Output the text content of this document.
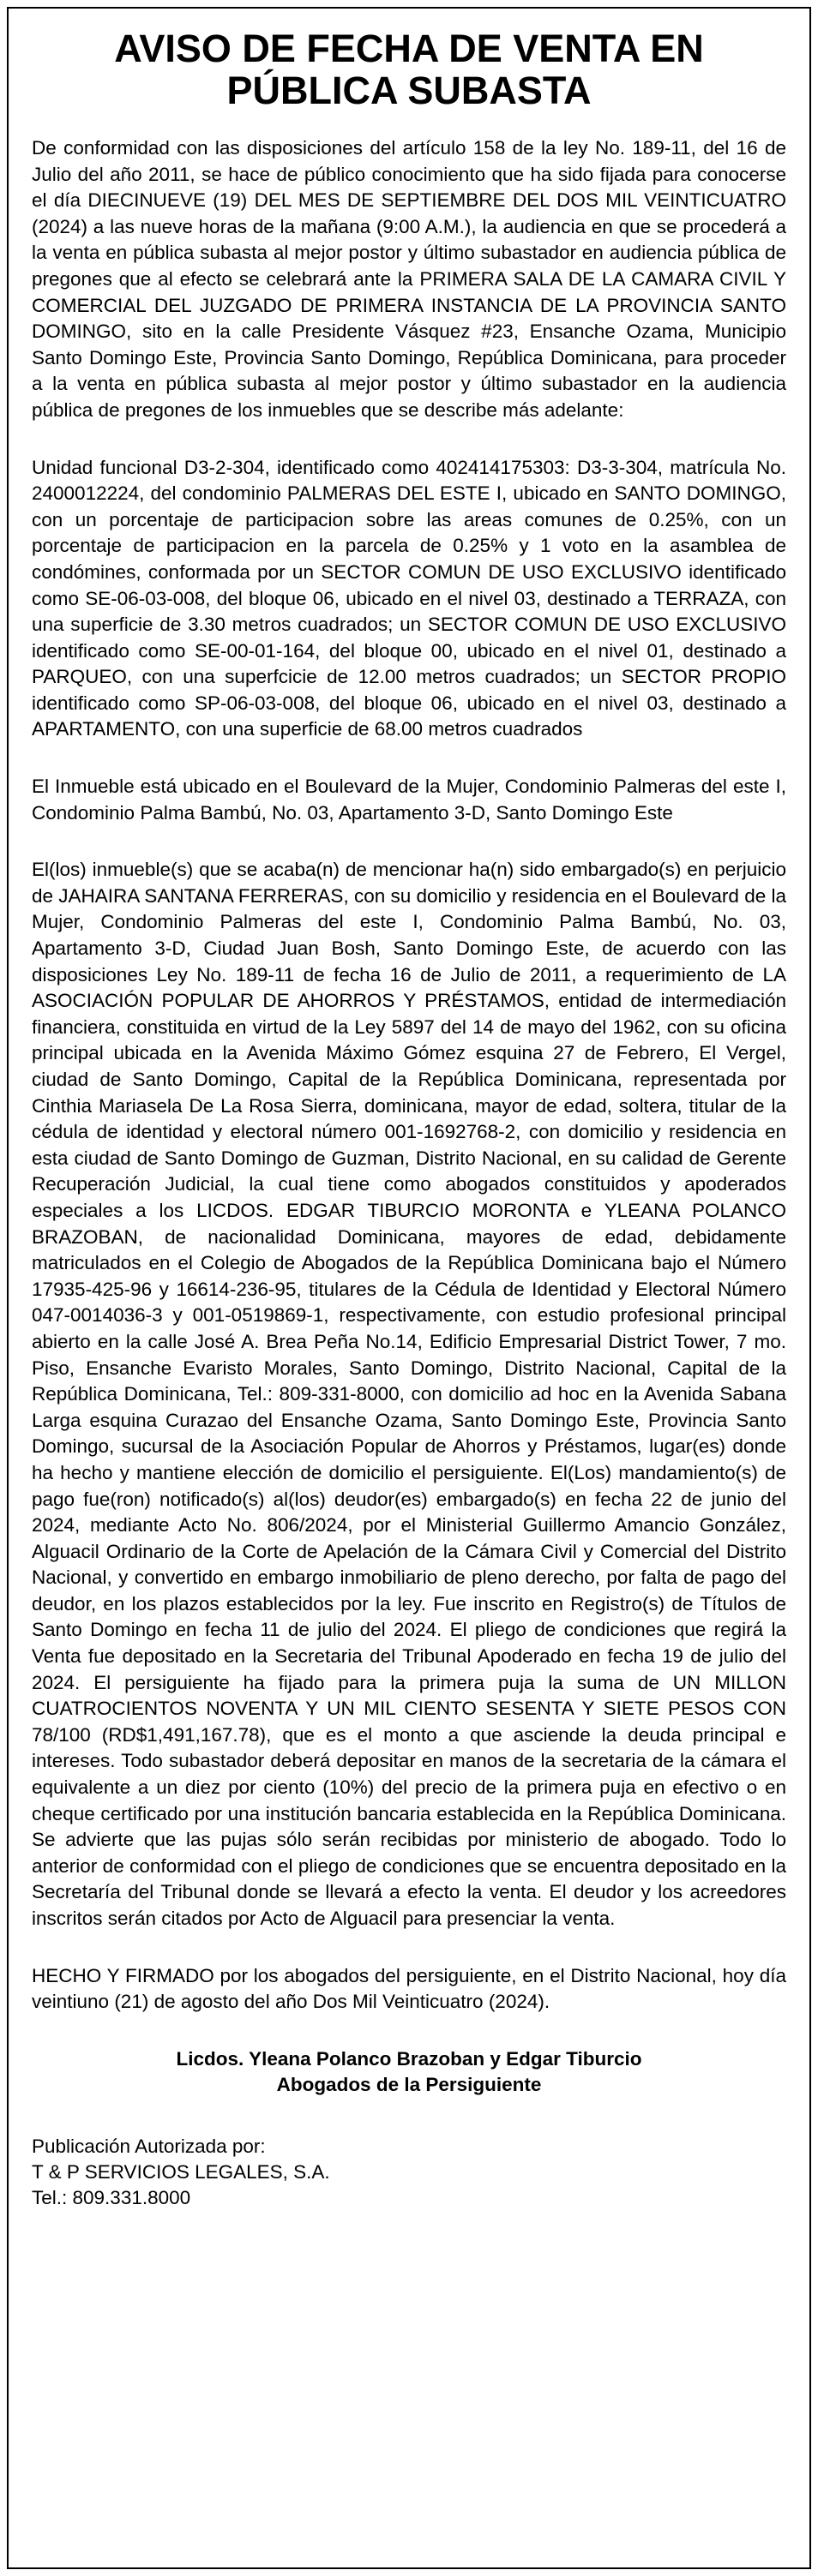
AVISO DE FECHA DE VENTA EN
PÚBLICA SUBASTA

De conformidad con las disposiciones del artículo 158 de la ley No. 189-11, del 16 de Julio del año 2011, se hace de público conocimiento que ha sido fijada para conocerse el día DIECINUEVE (19) DEL MES DE SEPTIEMBRE DEL DOS MIL VEINTICUATRO (2024) a las nueve horas de la mañana (9:00 A.M.), la audiencia en que se procederá a la venta en pública subasta al mejor postor y último subastador en audiencia pública de pregones que al efecto se celebrará ante la PRIMERA SALA DE LA CAMARA CIVIL Y COMERCIAL DEL JUZGADO DE PRIMERA INSTANCIA DE LA PROVINCIA SANTO DOMINGO, sito en la calle Presidente Vásquez #23, Ensanche Ozama, Municipio Santo Domingo Este, Provincia Santo Domingo, República Dominicana, para proceder a la venta en pública subasta al mejor postor y último subastador en la audiencia pública de pregones de los inmuebles que se describe más adelante:

Unidad funcional D3-2-304, identificado como 402414175303: D3-3-304, matrícula No. 2400012224, del condominio PALMERAS DEL ESTE I, ubicado en SANTO DOMINGO, con un porcentaje de participacion sobre las areas comunes de 0.25%, con un porcentaje de participacion en la parcela de 0.25% y 1 voto en la asamblea de condómines, conformada por un SECTOR COMUN DE USO EXCLUSIVO identificado como SE-06-03-008, del bloque 06, ubicado en el nivel 03, destinado a TERRAZA, con una superficie de 3.30 metros cuadrados; un SECTOR COMUN DE USO EXCLUSIVO identificado como SE-00-01-164, del bloque 00, ubicado en el nivel 01, destinado a PARQUEO, con una superfcicie de 12.00 metros cuadrados; un SECTOR PROPIO identificado como SP-06-03-008, del bloque 06, ubicado en el nivel 03, destinado a APARTAMENTO, con una superficie de 68.00 metros cuadrados

El Inmueble está ubicado en el Boulevard de la Mujer, Condominio Palmeras del este I, Condominio Palma Bambú, No. 03, Apartamento 3-D, Santo Domingo Este

El(los) inmueble(s) que se acaba(n) de mencionar ha(n) sido embargado(s) en perjuicio de JAHAIRA SANTANA FERRERAS, con su domicilio y residencia en el Boulevard de la Mujer, Condominio Palmeras del este I, Condominio Palma Bambú, No. 03, Apartamento 3-D, Ciudad Juan Bosh, Santo Domingo Este, de acuerdo con las disposiciones Ley No. 189-11 de fecha 16 de Julio de 2011, a requerimiento de LA ASOCIACIÓN POPULAR DE AHORROS Y PRÉSTAMOS, entidad de intermediación financiera, constituida en virtud de la Ley 5897 del 14 de mayo del 1962, con su oficina principal ubicada en la Avenida Máximo Gómez esquina 27 de Febrero, El Vergel, ciudad de Santo Domingo, Capital de la República Dominicana, representada por Cinthia Mariasela De La Rosa Sierra, dominicana, mayor de edad, soltera, titular de la cédula de identidad y electoral número 001-1692768-2, con domicilio y residencia en esta ciudad de Santo Domingo de Guzman, Distrito Nacional, en su calidad de Gerente Recuperación Judicial, la cual tiene como abogados constituidos y apoderados especiales a los LICDOS. EDGAR TIBURCIO MORONTA e YLEANA POLANCO BRAZOBAN, de nacionalidad Dominicana, mayores de edad, debidamente matriculados en el Colegio de Abogados de la República Dominicana bajo el Número 17935-425-96 y 16614-236-95, titulares de la Cédula de Identidad y Electoral Número 047-0014036-3 y 001-0519869-1, respectivamente, con estudio profesional principal abierto en la calle José A. Brea Peña No.14, Edificio Empresarial District Tower, 7 mo. Piso, Ensanche Evaristo Morales, Santo Domingo, Distrito Nacional, Capital de la República Dominicana, Tel.: 809-331-8000, con domicilio ad hoc en la Avenida Sabana Larga esquina Curazao del Ensanche Ozama, Santo Domingo Este, Provincia Santo Domingo, sucursal de la Asociación Popular de Ahorros y Préstamos, lugar(es) donde ha hecho y mantiene elección de domicilio el persiguiente. El(Los) mandamiento(s) de pago fue(ron) notificado(s) al(los) deudor(es) embargado(s) en fecha 22 de junio del 2024, mediante Acto No. 806/2024, por el Ministerial Guillermo Amancio González, Alguacil Ordinario de la Corte de Apelación de la Cámara Civil y Comercial del Distrito Nacional, y convertido en embargo inmobiliario de pleno derecho, por falta de pago del deudor, en los plazos establecidos por la ley. Fue inscrito en Registro(s) de Títulos de Santo Domingo en fecha 11 de julio del 2024. El pliego de condiciones que regirá la Venta fue depositado en la Secretaria del Tribunal Apoderado en fecha 19 de julio del 2024. El persiguiente ha fijado para la primera puja la suma de UN MILLON CUATROCIENTOS NOVENTA Y UN MIL CIENTO SESENTA Y SIETE PESOS CON 78/100 (RD$1,491,167.78), que es el monto a que asciende la deuda principal e intereses. Todo subastador deberá depositar en manos de la secretaria de la cámara el equivalente a un diez por ciento (10%) del precio de la primera puja en efectivo o en cheque certificado por una institución bancaria establecida en la República Dominicana. Se advierte que las pujas sólo serán recibidas por ministerio de abogado. Todo lo anterior de conformidad con el pliego de condiciones que se encuentra depositado en la Secretaría del Tribunal donde se llevará a efecto la venta. El deudor y los acreedores inscritos serán citados por Acto de Alguacil para presenciar la venta.

HECHO Y FIRMADO por los abogados del persiguiente, en el Distrito Nacional, hoy día veintiuno (21) de agosto del año Dos Mil Veinticuatro (2024).

Licdos. Yleana Polanco Brazoban y Edgar Tiburcio
Abogados de la Persiguiente
Publicación Autorizada por:
T & P SERVICIOS LEGALES, S.A.
Tel.: 809.331.8000
